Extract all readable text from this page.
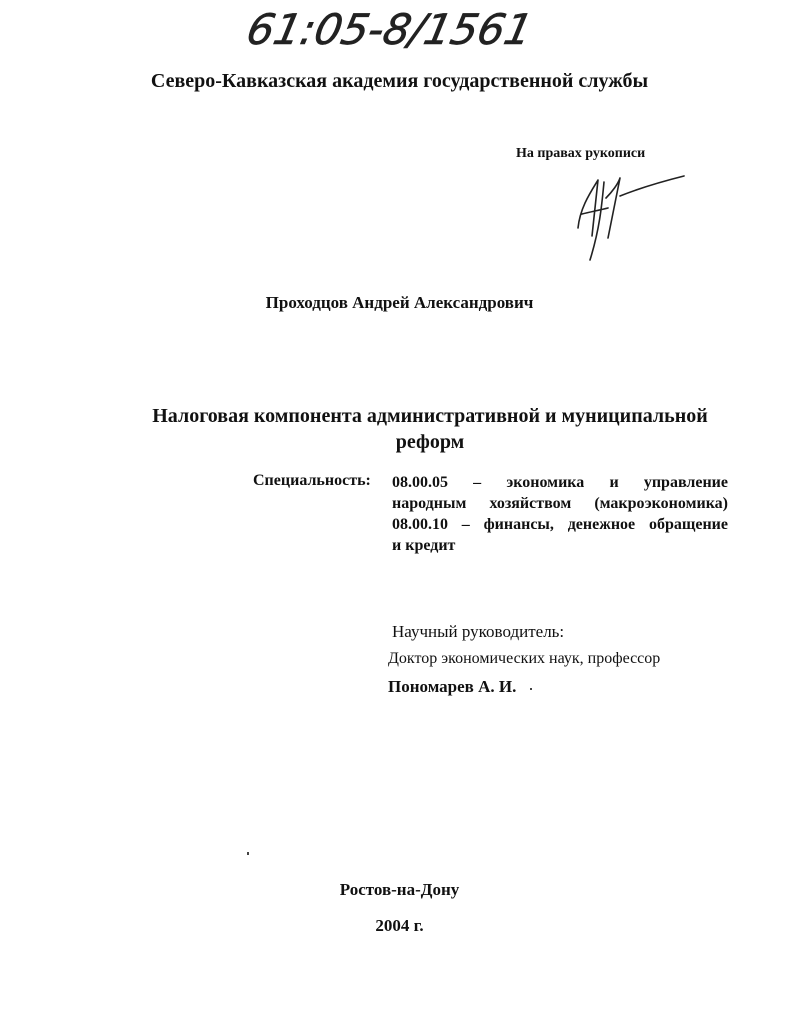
61:05-8/1561
Северо-Кавказская академия государственной службы
На правах рукописи
Проходцов Андрей Александрович
Налоговая компонента административной и муниципальной
реформ
Специальность: 08.00.05 – экономика и управление

народным хозяйством (макроэкономика)

08.00.10 – финансы, денежное обращение

и кредит

Научный руководитель:
Доктор экономических наук, профессор
Пономарев А. И.
Ростов-на-Дону
2004 г.
